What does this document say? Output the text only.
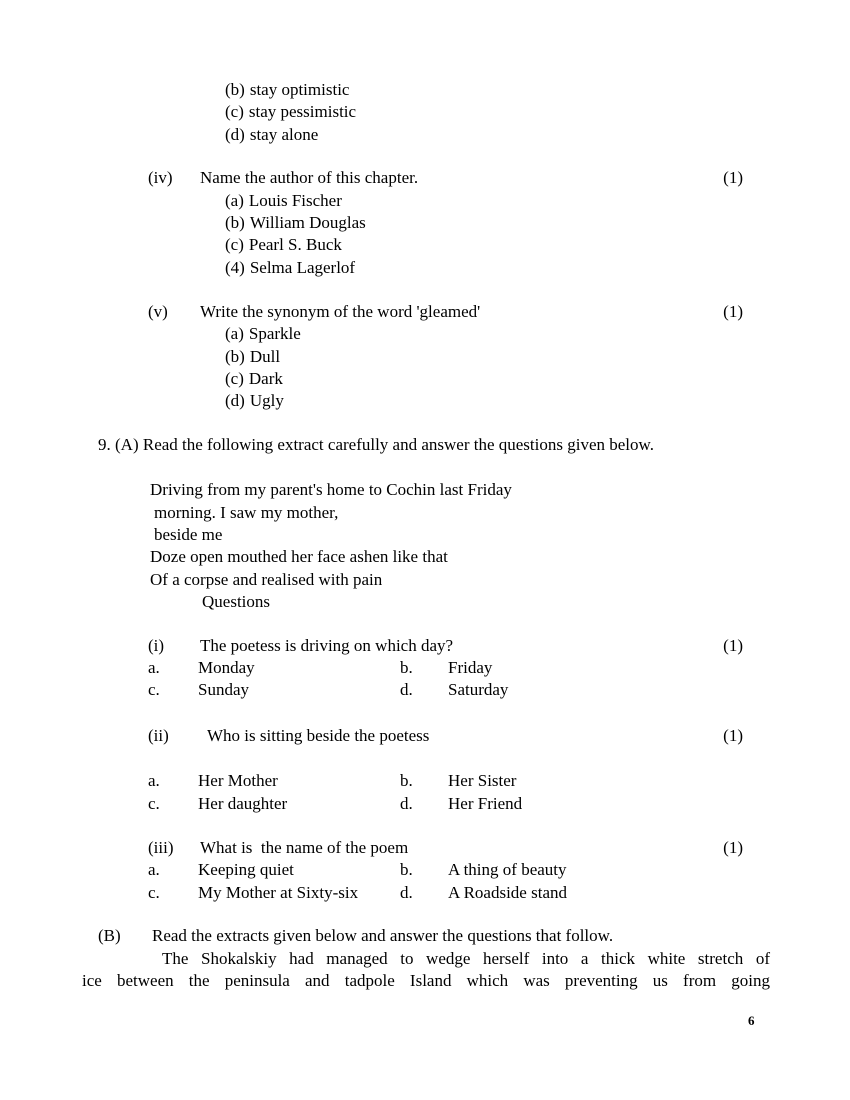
(b) stay optimistic
(c) stay pessimistic
(d) stay alone
(iv)	Name the author of this chapter.	(1)
(a) Louis Fischer
(b) William Douglas
(c) Pearl S. Buck
(4) Selma Lagerlof
(v)	Write the synonym of the word 'gleamed'	(1)
(a) Sparkle
(b) Dull
(c) Dark
(d) Ugly
9. (A) Read the following extract carefully and answer the questions given below.
Driving from my parent's home to Cochin last Friday
morning. I saw my mother,
beside me
Doze open mouthed her face ashen like that
Of a corpse and realised with pain
Questions
(i)	The poetess is driving on which day?	(1)
a.	Monday	b.	Friday
c.	Sunday	d.	Saturday
(ii)	Who is sitting beside the poetess	(1)
a.	Her Mother	b.	Her Sister
c.	Her daughter	d.	Her Friend
(iii)	What is  the name of the poem	(1)
a.	Keeping quiet	b.	A thing of beauty
c.	My Mother at Sixty-six	d.	A Roadside stand
(B)	Read the extracts given below and answer the questions that follow.
The Shokalskiy had managed to wedge herself into a thick white stretch of
ice between the peninsula and tadpole Island which was preventing us from going
6
